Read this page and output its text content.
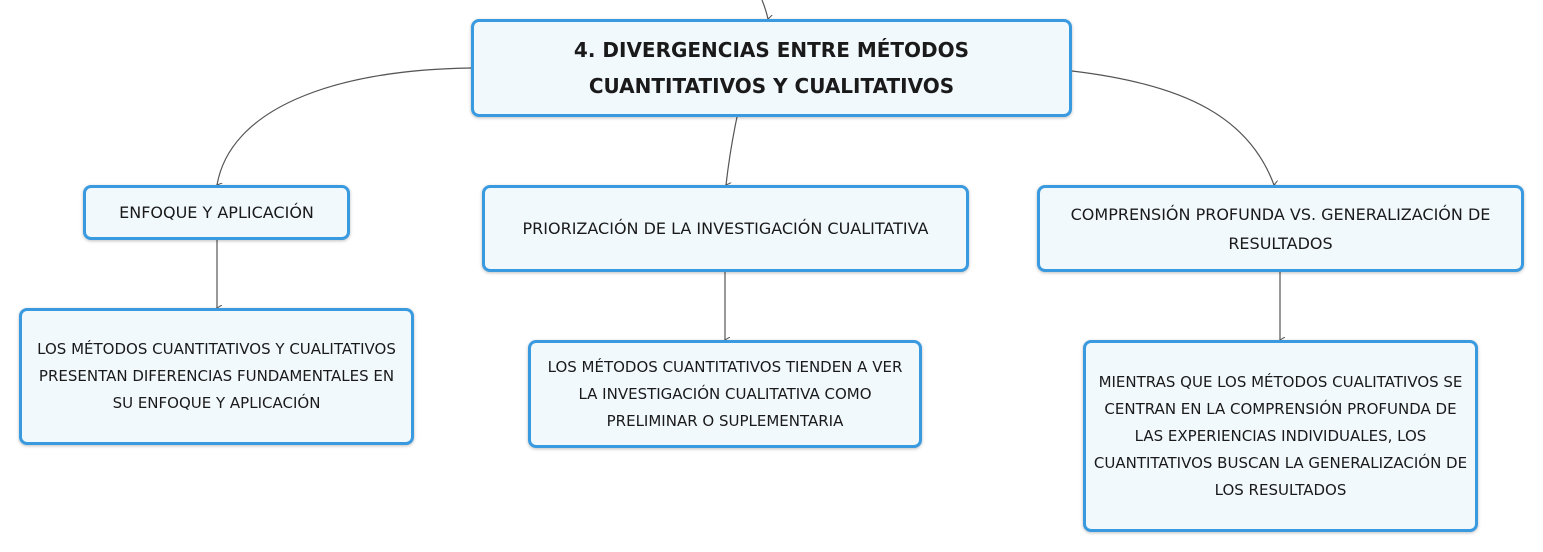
4. DIVERGENCIAS ENTRE MÉTODOS CUANTITATIVOS Y CUALITATIVOS
ENFOQUE Y APLICACIÓN
PRIORIZACIÓN DE LA INVESTIGACIÓN CUALITATIVA
COMPRENSIÓN PROFUNDA VS. GENERALIZACIÓN DE RESULTADOS
LOS MÉTODOS CUANTITATIVOS Y CUALITATIVOS PRESENTAN DIFERENCIAS FUNDAMENTALES EN SU ENFOQUE Y APLICACIÓN
LOS MÉTODOS CUANTITATIVOS TIENDEN A VER LA INVESTIGACIÓN CUALITATIVA COMO PRELIMINAR O SUPLEMENTARIA
MIENTRAS QUE LOS MÉTODOS CUALITATIVOS SE CENTRAN EN LA COMPRENSIÓN PROFUNDA DE LAS EXPERIENCIAS INDIVIDUALES, LOS CUANTITATIVOS BUSCAN LA GENERALIZACIÓN DE LOS RESULTADOS
